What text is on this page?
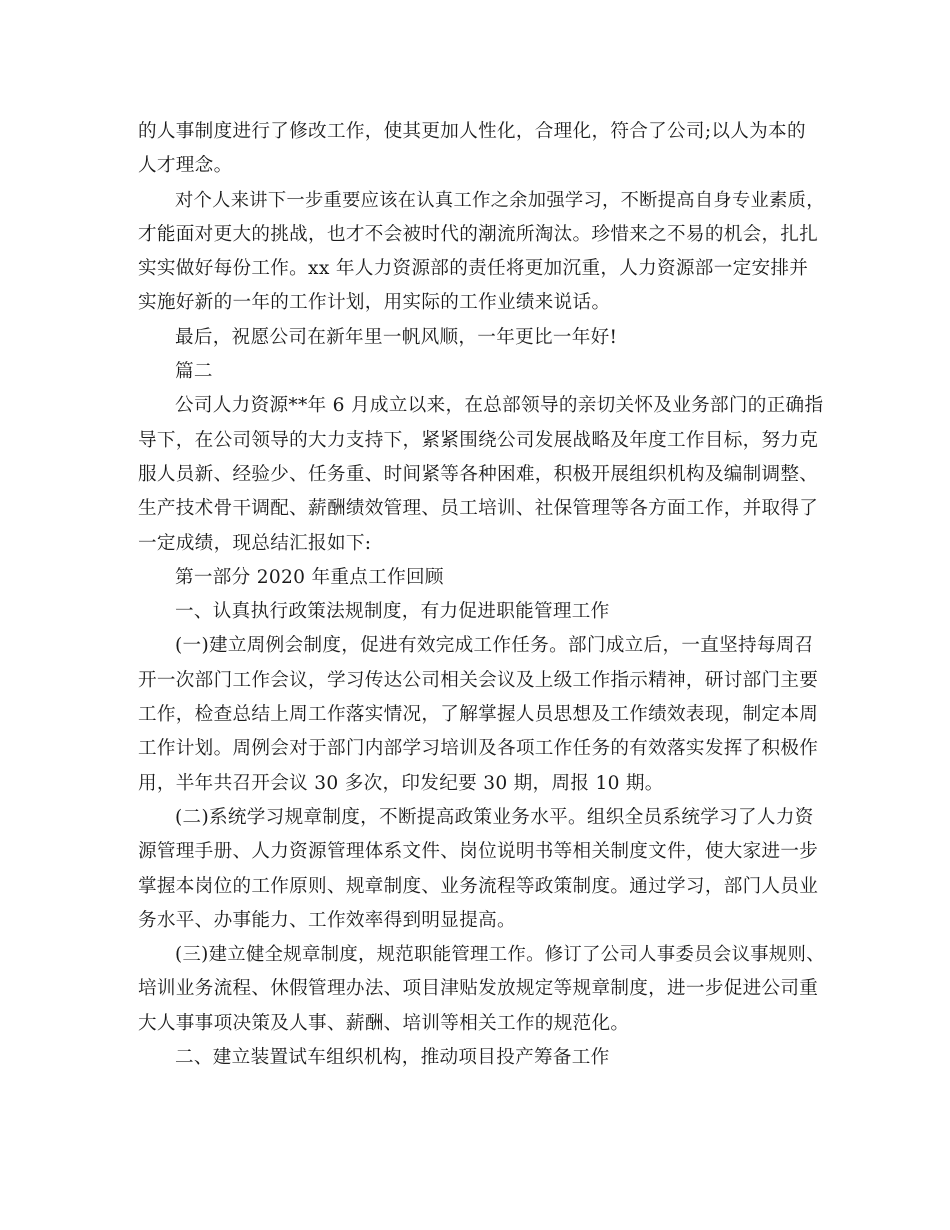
的人事制度进行了修改工作，使其更加人性化，合理化，符合了公司;以人为本的
人才理念。
对个人来讲下一步重要应该在认真工作之余加强学习，不断提高自身专业素质，
才能面对更大的挑战，也才不会被时代的潮流所淘汰。珍惜来之不易的机会，扎扎
实实做好每份工作。xx 年人力资源部的责任将更加沉重，人力资源部一定安排并
实施好新的一年的工作计划，用实际的工作业绩来说话。
最后，祝愿公司在新年里一帆风顺，一年更比一年好!
篇二
公司人力资源**年 6 月成立以来，在总部领导的亲切关怀及业务部门的正确指
导下，在公司领导的大力支持下，紧紧围绕公司发展战略及年度工作目标，努力克
服人员新、经验少、任务重、时间紧等各种困难，积极开展组织机构及编制调整、
生产技术骨干调配、薪酬绩效管理、员工培训、社保管理等各方面工作，并取得了
一定成绩，现总结汇报如下:
第一部分 2020 年重点工作回顾
一、认真执行政策法规制度，有力促进职能管理工作
(一)建立周例会制度，促进有效完成工作任务。部门成立后，一直坚持每周召
开一次部门工作会议，学习传达公司相关会议及上级工作指示精神，研讨部门主要
工作，检查总结上周工作落实情况，了解掌握人员思想及工作绩效表现，制定本周
工作计划。周例会对于部门内部学习培训及各项工作任务的有效落实发挥了积极作
用，半年共召开会议 30 多次，印发纪要 30 期，周报 10 期。
(二)系统学习规章制度，不断提高政策业务水平。组织全员系统学习了人力资
源管理手册、人力资源管理体系文件、岗位说明书等相关制度文件，使大家进一步
掌握本岗位的工作原则、规章制度、业务流程等政策制度。通过学习，部门人员业
务水平、办事能力、工作效率得到明显提高。
(三)建立健全规章制度，规范职能管理工作。修订了公司人事委员会议事规则、
培训业务流程、休假管理办法、项目津贴发放规定等规章制度，进一步促进公司重
大人事事项决策及人事、薪酬、培训等相关工作的规范化。
二、建立装置试车组织机构，推动项目投产筹备工作
